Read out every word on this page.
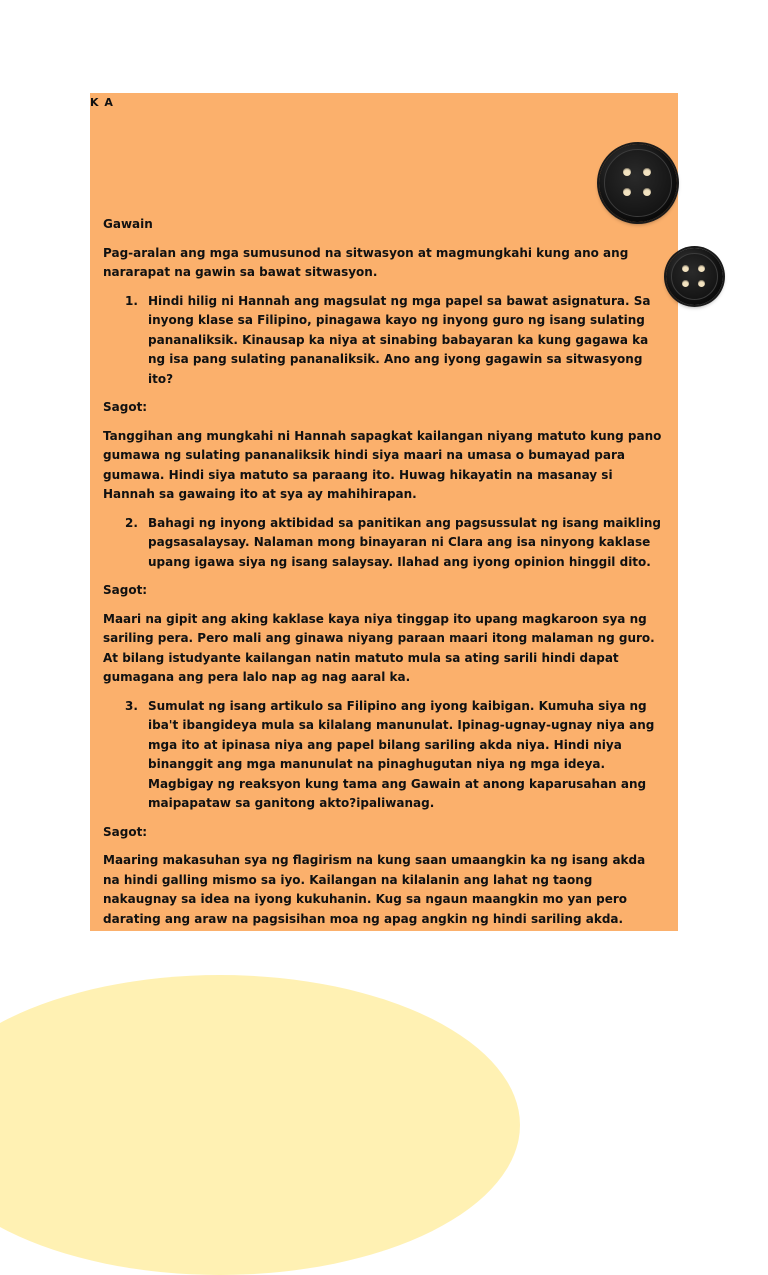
K A

Gawain

Pag-aralan ang mga sumusunod na sitwasyon at magmungkahi kung ano ang nararapat na gawin sa bawat sitwasyon.

1. Hindi hilig ni Hannah ang magsulat ng mga papel sa bawat asignatura. Sa inyong klase sa Filipino, pinagawa kayo ng inyong guro ng isang sulating pananaliksik. Kinausap ka niya at sinabing babayaran ka kung gagawa ka ng isa pang sulating pananaliksik. Ano ang iyong gagawin sa sitwasyong ito?

Sagot:

Tanggihan ang mungkahi ni Hannah sapagkat kailangan niyang matuto kung pano gumawa ng sulating pananaliksik hindi siya maari na umasa o bumayad para gumawa. Hindi siya matuto sa paraang ito. Huwag hikayatin na masanay si Hannah sa gawaing ito at sya ay mahihirapan.

2. Bahagi ng inyong aktibidad sa panitikan ang pagsussulat ng isang maikling pagsasalaysay. Nalaman mong binayaran ni Clara ang isa ninyong kaklase upang igawa siya ng isang salaysay. Ilahad ang iyong opinion hinggil dito.

Sagot:

Maari na gipit ang aking kaklase kaya niya tinggap ito upang magkaroon sya ng sariling pera. Pero mali ang ginawa niyang paraan maari itong malaman ng guro. At bilang istudyante kailangan natin matuto mula sa ating sarili hindi dapat gumagana ang pera lalo nap ag nag aaral ka.

3. Sumulat ng isang artikulo sa Filipino ang iyong kaibigan. Kumuha siya ng iba't ibangideya mula sa kilalang manunulat. Ipinag-ugnay-ugnay niya ang mga ito at ipinasa niya ang papel bilang sariling akda niya. Hindi niya binanggit ang mga manunulat na pinaghugutan niya ng mga ideya. Magbigay ng reaksyon kung tama ang Gawain at anong kaparusahan ang maipapataw sa ganitong akto?ipaliwanag.

Sagot:

Maaring makasuhan sya ng flagirism na kung saan umaangkin ka ng isang akda na hindi galling mismo sa iyo. Kailangan na kilalanin ang lahat ng taong nakaugnay sa idea na iyong kukuhanin. Kug sa ngaun maangkin mo yan pero darating ang araw na pagsisihan moa ng apag angkin ng hindi sariling akda.
